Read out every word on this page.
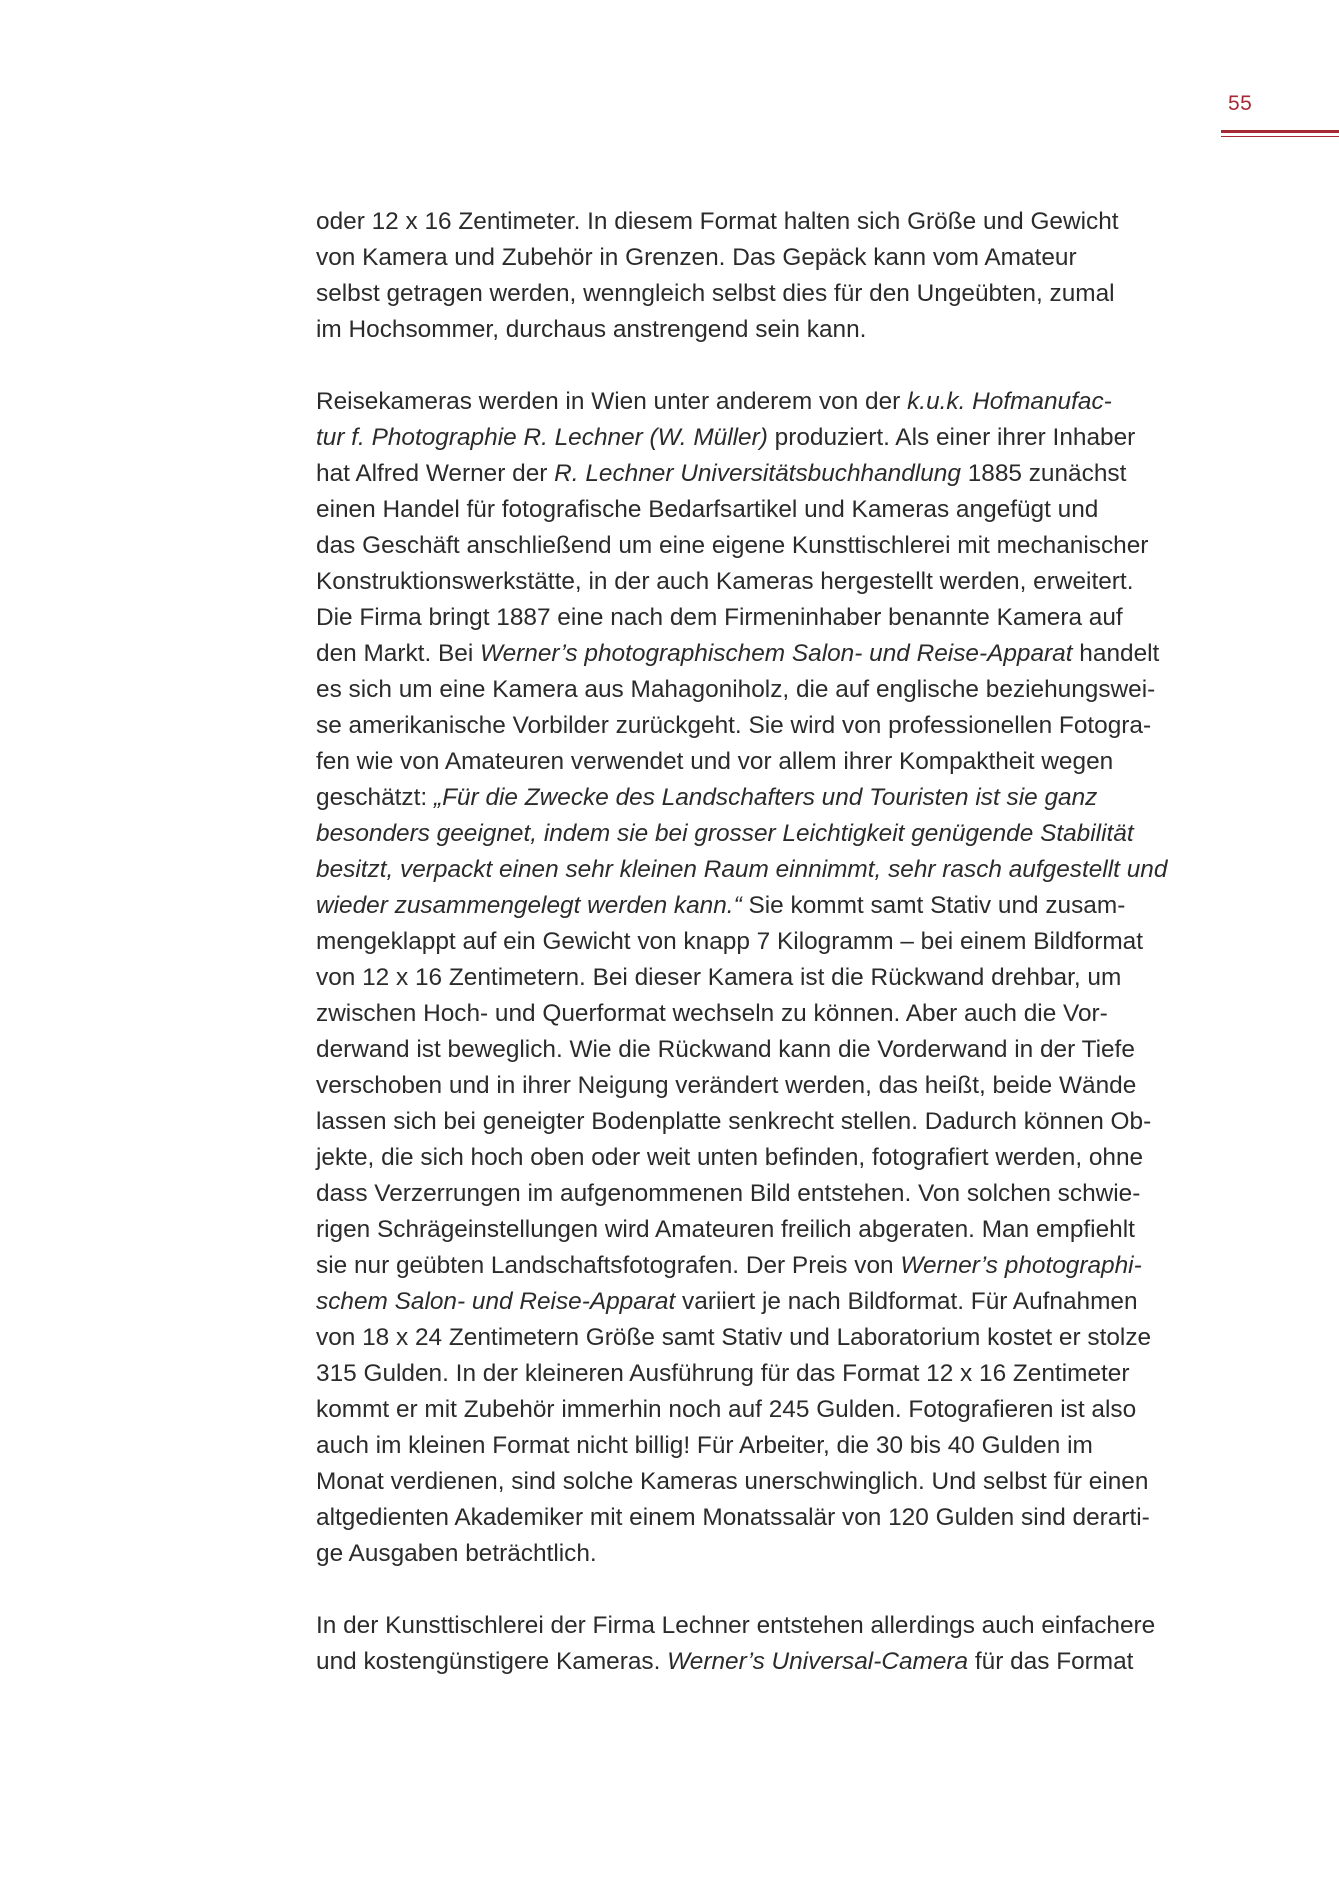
55
oder 12 x 16 Zentimeter. In diesem Format halten sich Größe und Gewicht
von Kamera und Zubehör in Grenzen. Das Gepäck kann vom Amateur
selbst getragen werden, wenngleich selbst dies für den Ungeübten, zumal
im Hochsommer, durchaus anstrengend sein kann.
Reisekameras werden in Wien unter anderem von der k.u.k. Hofmanufac-
tur f. Photographie R. Lechner (W. Müller) produziert. Als einer ihrer Inhaber
hat Alfred Werner der R. Lechner Universitätsbuchhandlung 1885 zunächst
einen Handel für fotografische Bedarfsartikel und Kameras angefügt und
das Geschäft anschließend um eine eigene Kunsttischlerei mit mechanischer
Konstruktionswerkstätte, in der auch Kameras hergestellt werden, erweitert.
Die Firma bringt 1887 eine nach dem Firmeninhaber benannte Kamera auf
den Markt. Bei Werner’s photographischem Salon- und Reise-Apparat handelt
es sich um eine Kamera aus Mahagoniholz, die auf englische beziehungswei-
se amerikanische Vorbilder zurückgeht. Sie wird von professionellen Fotogra-
fen wie von Amateuren verwendet und vor allem ihrer Kompaktheit wegen
geschätzt: „Für die Zwecke des Landschafters und Touristen ist sie ganz
besonders geeignet, indem sie bei grosser Leichtigkeit genügende Stabilität
besitzt, verpackt einen sehr kleinen Raum einnimmt, sehr rasch aufgestellt und
wieder zusammengelegt werden kann.“ Sie kommt samt Stativ und zusam-
mengeklappt auf ein Gewicht von knapp 7 Kilogramm – bei einem Bildformat
von 12 x 16 Zentimetern. Bei dieser Kamera ist die Rückwand drehbar, um
zwischen Hoch- und Querformat wechseln zu können. Aber auch die Vor-
derwand ist beweglich. Wie die Rückwand kann die Vorderwand in der Tiefe
verschoben und in ihrer Neigung verändert werden, das heißt, beide Wände
lassen sich bei geneigter Bodenplatte senkrecht stellen. Dadurch können Ob-
jekte, die sich hoch oben oder weit unten befinden, fotografiert werden, ohne
dass Verzerrungen im aufgenommenen Bild entstehen. Von solchen schwie-
rigen Schrägeinstellungen wird Amateuren freilich abgeraten. Man empfiehlt
sie nur geübten Landschaftsfotografen. Der Preis von Werner’s photographi-
schem Salon- und Reise-Apparat variiert je nach Bildformat. Für Aufnahmen
von 18 x 24 Zentimetern Größe samt Stativ und Laboratorium kostet er stolze
315 Gulden. In der kleineren Ausführung für das Format 12 x 16 Zentimeter
kommt er mit Zubehör immerhin noch auf 245 Gulden. Fotografieren ist also
auch im kleinen Format nicht billig! Für Arbeiter, die 30 bis 40 Gulden im
Monat verdienen, sind solche Kameras unerschwinglich. Und selbst für einen
altgedienten Akademiker mit einem Monatssalär von 120 Gulden sind derarti-
ge Ausgaben beträchtlich.
In der Kunsttischlerei der Firma Lechner entstehen allerdings auch einfachere
und kostengünstigere Kameras. Werner’s Universal-Camera für das Format
